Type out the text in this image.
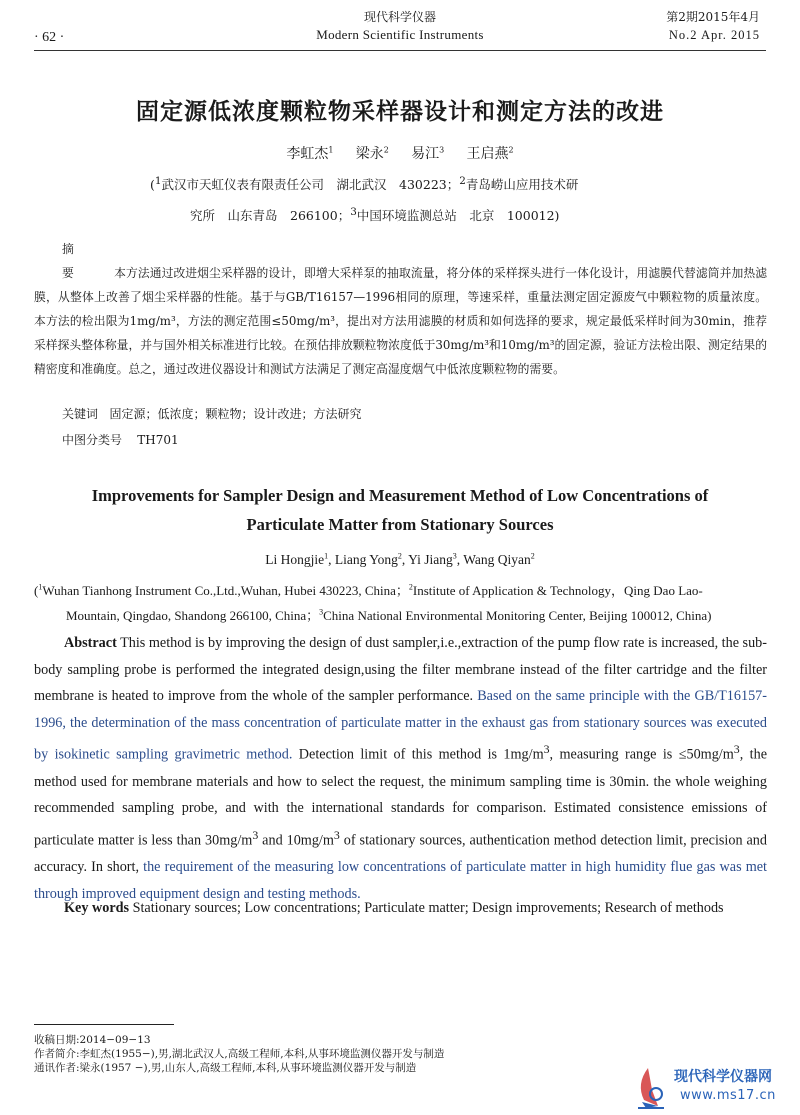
· 62 ·
现代科学仪器
Modern Scientific Instruments
第2期2015年4月
No.2 Apr. 2015
固定源低浓度颗粒物采样器设计和测定方法的改进
李虹杰$^1$ 梁永$^2$ 易江$^3$ 王启燕$^2$
($^1$武汉市天虹仪表有限责任公司　湖北武汉　430223；$^2$青岛崂山应用技术研
究所　山东青岛　266100；$^3$中国环境监测总站　北京　100012)
摘　要	本方法通过改进烟尘采样器的设计，即增大采样泵的抽取流量，将分体的采样探头进行一体化设计，用滤膜代替滤筒并加热滤膜，从整体上改善了烟尘采样器的性能。基于与GB/T16157—1996相同的原理，等速采样，重量法测定固定源废气中颗粒物的质量浓度。本方法的检出限为1mg/m³，方法的测定范围≤50mg/m³，提出对方法用滤膜的材质和如何选择的要求，规定最低采样时间为30min，推荐采样探头整体称量，并与国外相关标准进行比较。在预估排放颗粒物浓度低于30mg/m³和10mg/m³的固定源，验证方法检出限、测定结果的精密度和准确度。总之，通过改进仪器设计和测试方法满足了测定高湿度烟气中低浓度颗粒物的需要。
关键词 固定源；低浓度；颗粒物；设计改进；方法研究
中图分类号 TH701
Improvements for Sampler Design and Measurement Method of Low Concentrations of
Particulate Matter from Stationary Sources
Li Hongjie$^1$, Liang Yong$^2$, Yi Jiang$^3$, Wang Qiyan$^2$
($^1$Wuhan Tianhong Instrument Co.,Ltd.,Wuhan, Hubei 430223, China；$^2$Institute of Application & Technology，Qing Dao Lao-
Mountain, Qingdao, Shandong 266100, China；$^3$China National Environmental Monitoring Center, Beijing 100012, China)
Abstract This method is by improving the design of dust sampler,i.e.,extraction of the pump flow rate is increased, the sub-body sampling probe is performed the integrated design,using the filter membrane instead of the filter cartridge and the filter membrane is heated to improve from the whole of the sampler performance. Based on the same principle with the GB/T16157-1996, the determination of the mass concentration of particulate matter in the exhaust gas from stationary sources was executed by isokinetic sampling gravimetric method. Detection limit of this method is $1mg/m^3$, measuring range is $\le 50mg/m^3$, the method used for membrane materials and how to select the request, the minimum sampling time is 30min. the whole weighing recommended sampling probe, and with the international standards for comparison. Estimated consistence emissions of particulate matter is less than $30mg/m^3$ and $10mg/m^3$ of stationary sources, authentication method detection limit, precision and accuracy. In short, the requirement of the measuring low concentrations of particulate matter in high humidity flue gas was met through improved equipment design and testing methods.
Key words Stationary sources; Low concentrations; Particulate matter; Design improvements; Research of methods
收稿日期:2014−09−13
作者简介:李虹杰(1955−),男,湖北武汉人,高级工程师,本科,从事环境监测仪器开发与制造
通讯作者:梁永(1957 −),男,山东人,高级工程师,本科,从事环境监测仪器开发与制造
现代科学仪器网
www.ms17.cn
